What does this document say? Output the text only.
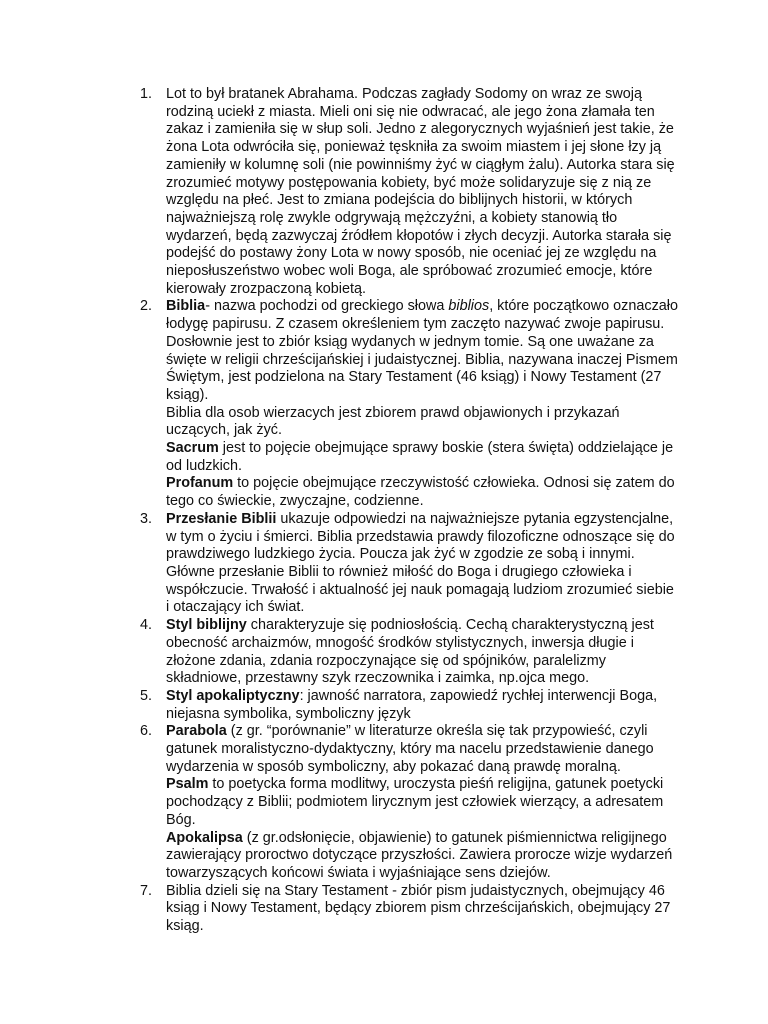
1. Lot to był bratanek Abrahama. Podczas zagłady Sodomy on wraz ze swoją rodziną uciekł z miasta. Mieli oni się nie odwracać, ale jego żona złamała ten zakaz i zamieniła się w słup soli. Jedno z alegorycznych wyjaśnień jest takie, że żona Lota odwróciła się, ponieważ tęskniła za swoim miastem i jej słone łzy ją zamieniły w kolumnę soli (nie powinniśmy żyć w ciągłym żalu). Autorka stara się zrozumieć motywy postępowania kobiety, być może solidaryzuje się z nią ze względu na płeć. Jest to zmiana podejścia do biblijnych historii, w których najważniejszą rolę zwykle odgrywają mężczyźni, a kobiety stanowią tło wydarzeń, będą zazwyczaj źródłem kłopotów i złych decyzji. Autorka starała się podejść do postawy żony Lota w nowy sposób, nie oceniać jej ze względu na nieposłuszeństwo wobec woli Boga, ale spróbować zrozumieć emocje, które kierowały zrozpaczoną kobietą.

2. Biblia- nazwa pochodzi od greckiego słowa biblios, które początkowo oznaczało łodygę papirusu. Z czasem określeniem tym zaczęto nazywać zwoje papirusu. Dosłownie jest to zbiór ksiąg wydanych w jednym tomie. Są one uważane za święte w religii chrześcijańskiej i judaistycznej. Biblia, nazywana inaczej Pismem Świętym, jest podzielona na Stary Testament (46 ksiąg) i Nowy Testament (27 ksiąg).

Biblia dla osob wierzacych jest zbiorem prawd objawionych i przykazań uczących, jak żyć.

Sacrum jest to pojęcie obejmujące sprawy boskie (stera święta) oddzielające je od ludzkich.

Profanum to pojęcie obejmujące rzeczywistość człowieka. Odnosi się zatem do tego co świeckie, zwyczajne, codzienne.

3. Przesłanie Biblii ukazuje odpowiedzi na najważniejsze pytania egzystencjalne, w tym o życiu i śmierci. Biblia przedstawia prawdy filozoficzne odnoszące się do prawdziwego ludzkiego życia. Poucza jak żyć w zgodzie ze sobą i innymi. Główne przesłanie Biblii to również miłość do Boga i drugiego człowieka i współczucie. Trwałość i aktualność jej nauk pomagają ludziom zrozumieć siebie i otaczający ich świat.

4. Styl biblijny charakteryzuje się podniosłością. Cechą charakterystyczną jest obecność archaizmów, mnogość środków stylistycznych, inwersja długie i złożone zdania, zdania rozpoczynające się od spójników, paralelizmy składniowe, przestawny szyk rzeczownika i zaimka, np.ojca mego.

5. Styl apokaliptyczny: jawność narratora, zapowiedź rychłej interwencji Boga, niejasna symbolika, symboliczny język

6. Parabola (z gr. “porównanie” w literaturze określa się tak przypowieść, czyli gatunek moralistyczno-dydaktyczny, który ma nacelu przedstawienie danego wydarzenia w sposób symboliczny, aby pokazać daną prawdę moralną.

Psalm to poetycka forma modlitwy, uroczysta pieśń religijna, gatunek poetycki pochodzący z Biblii; podmiotem lirycznym jest człowiek wierzący, a adresatem Bóg.

Apokalipsa (z gr.odsłonięcie, objawienie) to gatunek piśmiennictwa religijnego zawierający proroctwo dotyczące przyszłości. Zawiera prorocze wizje wydarzeń towarzyszących końcowi świata i wyjaśniające sens dziejów.

7. Biblia dzieli się na Stary Testament - zbiór pism judaistycznych, obejmujący 46 ksiąg i Nowy Testament, będący zbiorem pism chrześcijańskich, obejmujący 27 ksiąg.
